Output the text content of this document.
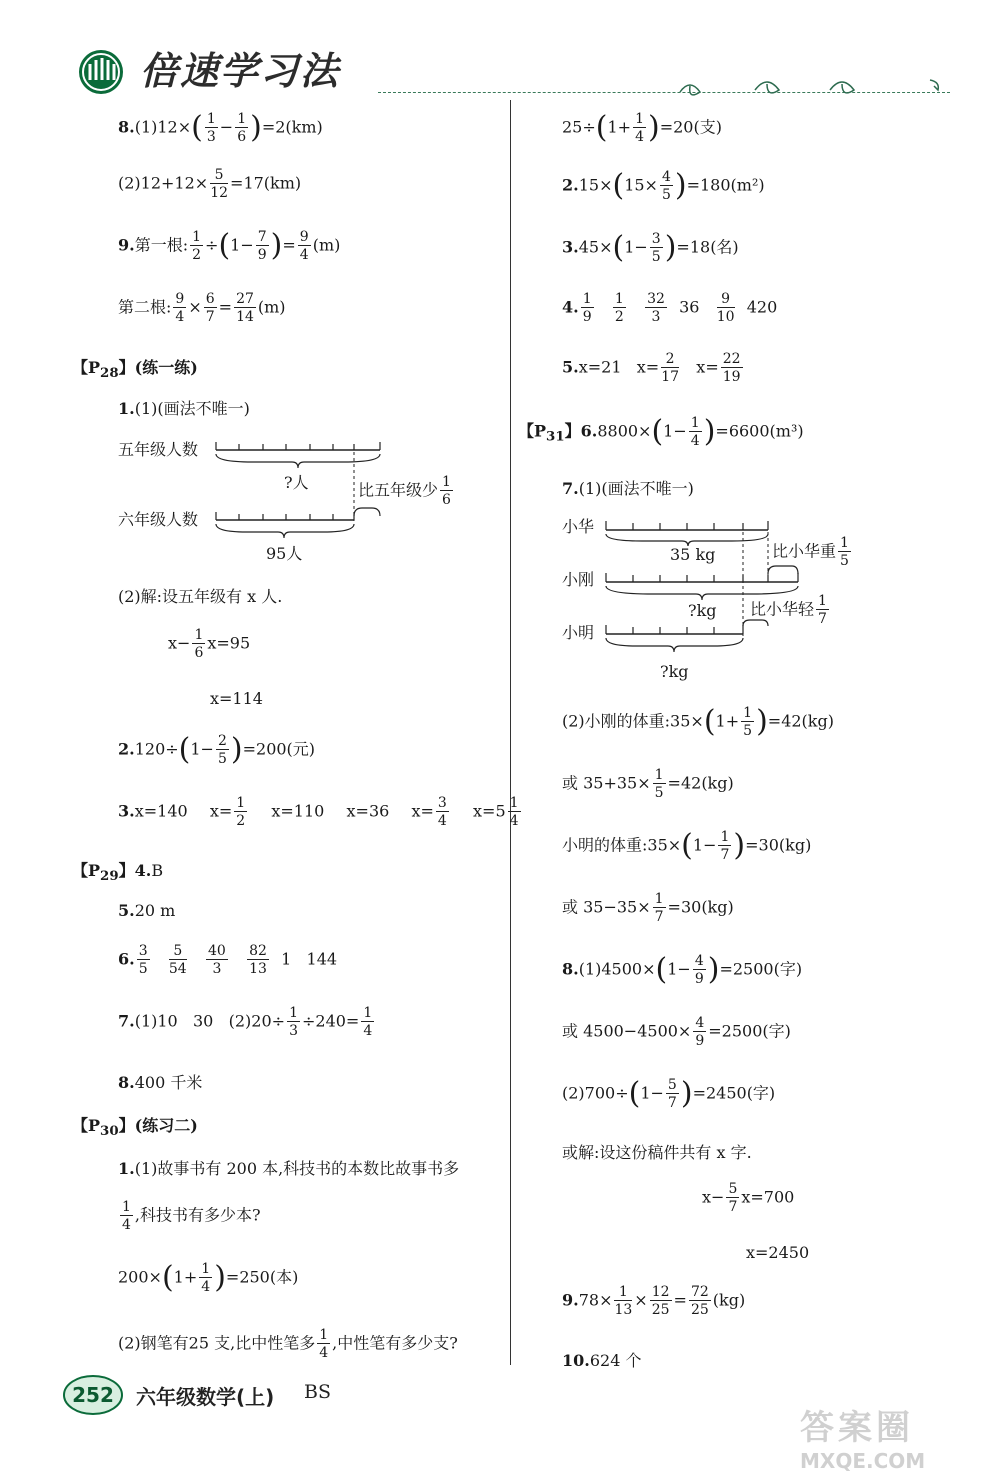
倍速学习法
$8.(1)12\times( \frac{1}{3} - \frac{1}{6} )=2(km)$
$(2)12+12\times \frac{5}{12} =17(km)$
9.第一根: $\frac{1}{2} \div(1- \frac{7}{9}$ )= $\frac{9}{4} (m)$
第二根: $\frac{9}{4} \times \frac{6}{7} = \frac{27}{14} (m)$
【$P_{28}$】(练一练)
1.(1)(画法不唯一)
五年级人数
六年级人数
?人
95人
比五年级少 $\frac{1}{6}$
(2)解:设五年级有 x 人.
$x- \frac{1}{6} x=95$
x=114
$2.120\div(1- \frac{2}{5} )=200$(元)
3.x=140 $x= \frac{1}{2} x=110$ x=36 $x= \frac{3}{4} x=5 \frac{1}{4}$
【$P_{29}$】4.B
5.20 m
6. $\frac{3}{5}$
$\frac{5}{54}$
$\frac{40}{3}$
$\frac{82}{13} 1$ 144
7.(1)10 30 $(2)20\div \frac{1}{3} \div 240= \frac{1}{4}$
8.400 千米
【$P_{30}$】(练习二)
1.(1)故事书有 200 本,科技书的本数比故事书多
$\frac{1}{4}$ ,科技书有多少本?
$200\times(1+ \frac{1}{4} )=250$(本)
(2)钢笔有25 支,比中性笔多 $\frac{1}{4}$ ,中性笔有多少支?
$25\div(1+ \frac{1}{4} )=20$(支)
$2.15\times(15\times \frac{4}{5} )=180(m^2)$
$3.45\times(1- \frac{3}{5} )=18$(名)
4. $\frac{1}{9}$
$\frac{1}{2}$
$\frac{32}{3} 36 \frac{9}{10} 420$
5.x=21 $x= \frac{2}{17} x= \frac{22}{19}$
【$P_{31}$】$6.8800\times(1- \frac{1}{4} )=6600(m^3)$
7.(1)(画法不唯一)
小华
小刚
小明
35 kg
?kg
?kg
比小华重 $\frac{1}{5}$
比小华轻 $\frac{1}{7}$
(2)小刚的体重:35×(1+ $\frac{1}{5} )=42(kg)$
或 $35+35\times \frac{1}{5} =42(kg)$
小明的体重:35×(1− $\frac{1}{7} )=30(kg)$
或 $35-35\times \frac{1}{7} =30(kg)$
$8.(1)4500\times(1- \frac{4}{9} )=2500$(字)
或 $4500-4500\times \frac{4}{9} =2500$(字)
$(2)700\div(1- \frac{5}{7} )=2450$(字)
或解:设这份稿件共有 x 字.
$x- \frac{5}{7} x=700$
x=2450
$9.78\times \frac{1}{13} \times \frac{12}{25} = \frac{72}{25} (kg)$
10.624 个
252 六年级数学(上) BS
答案圈
MXQE.COM
